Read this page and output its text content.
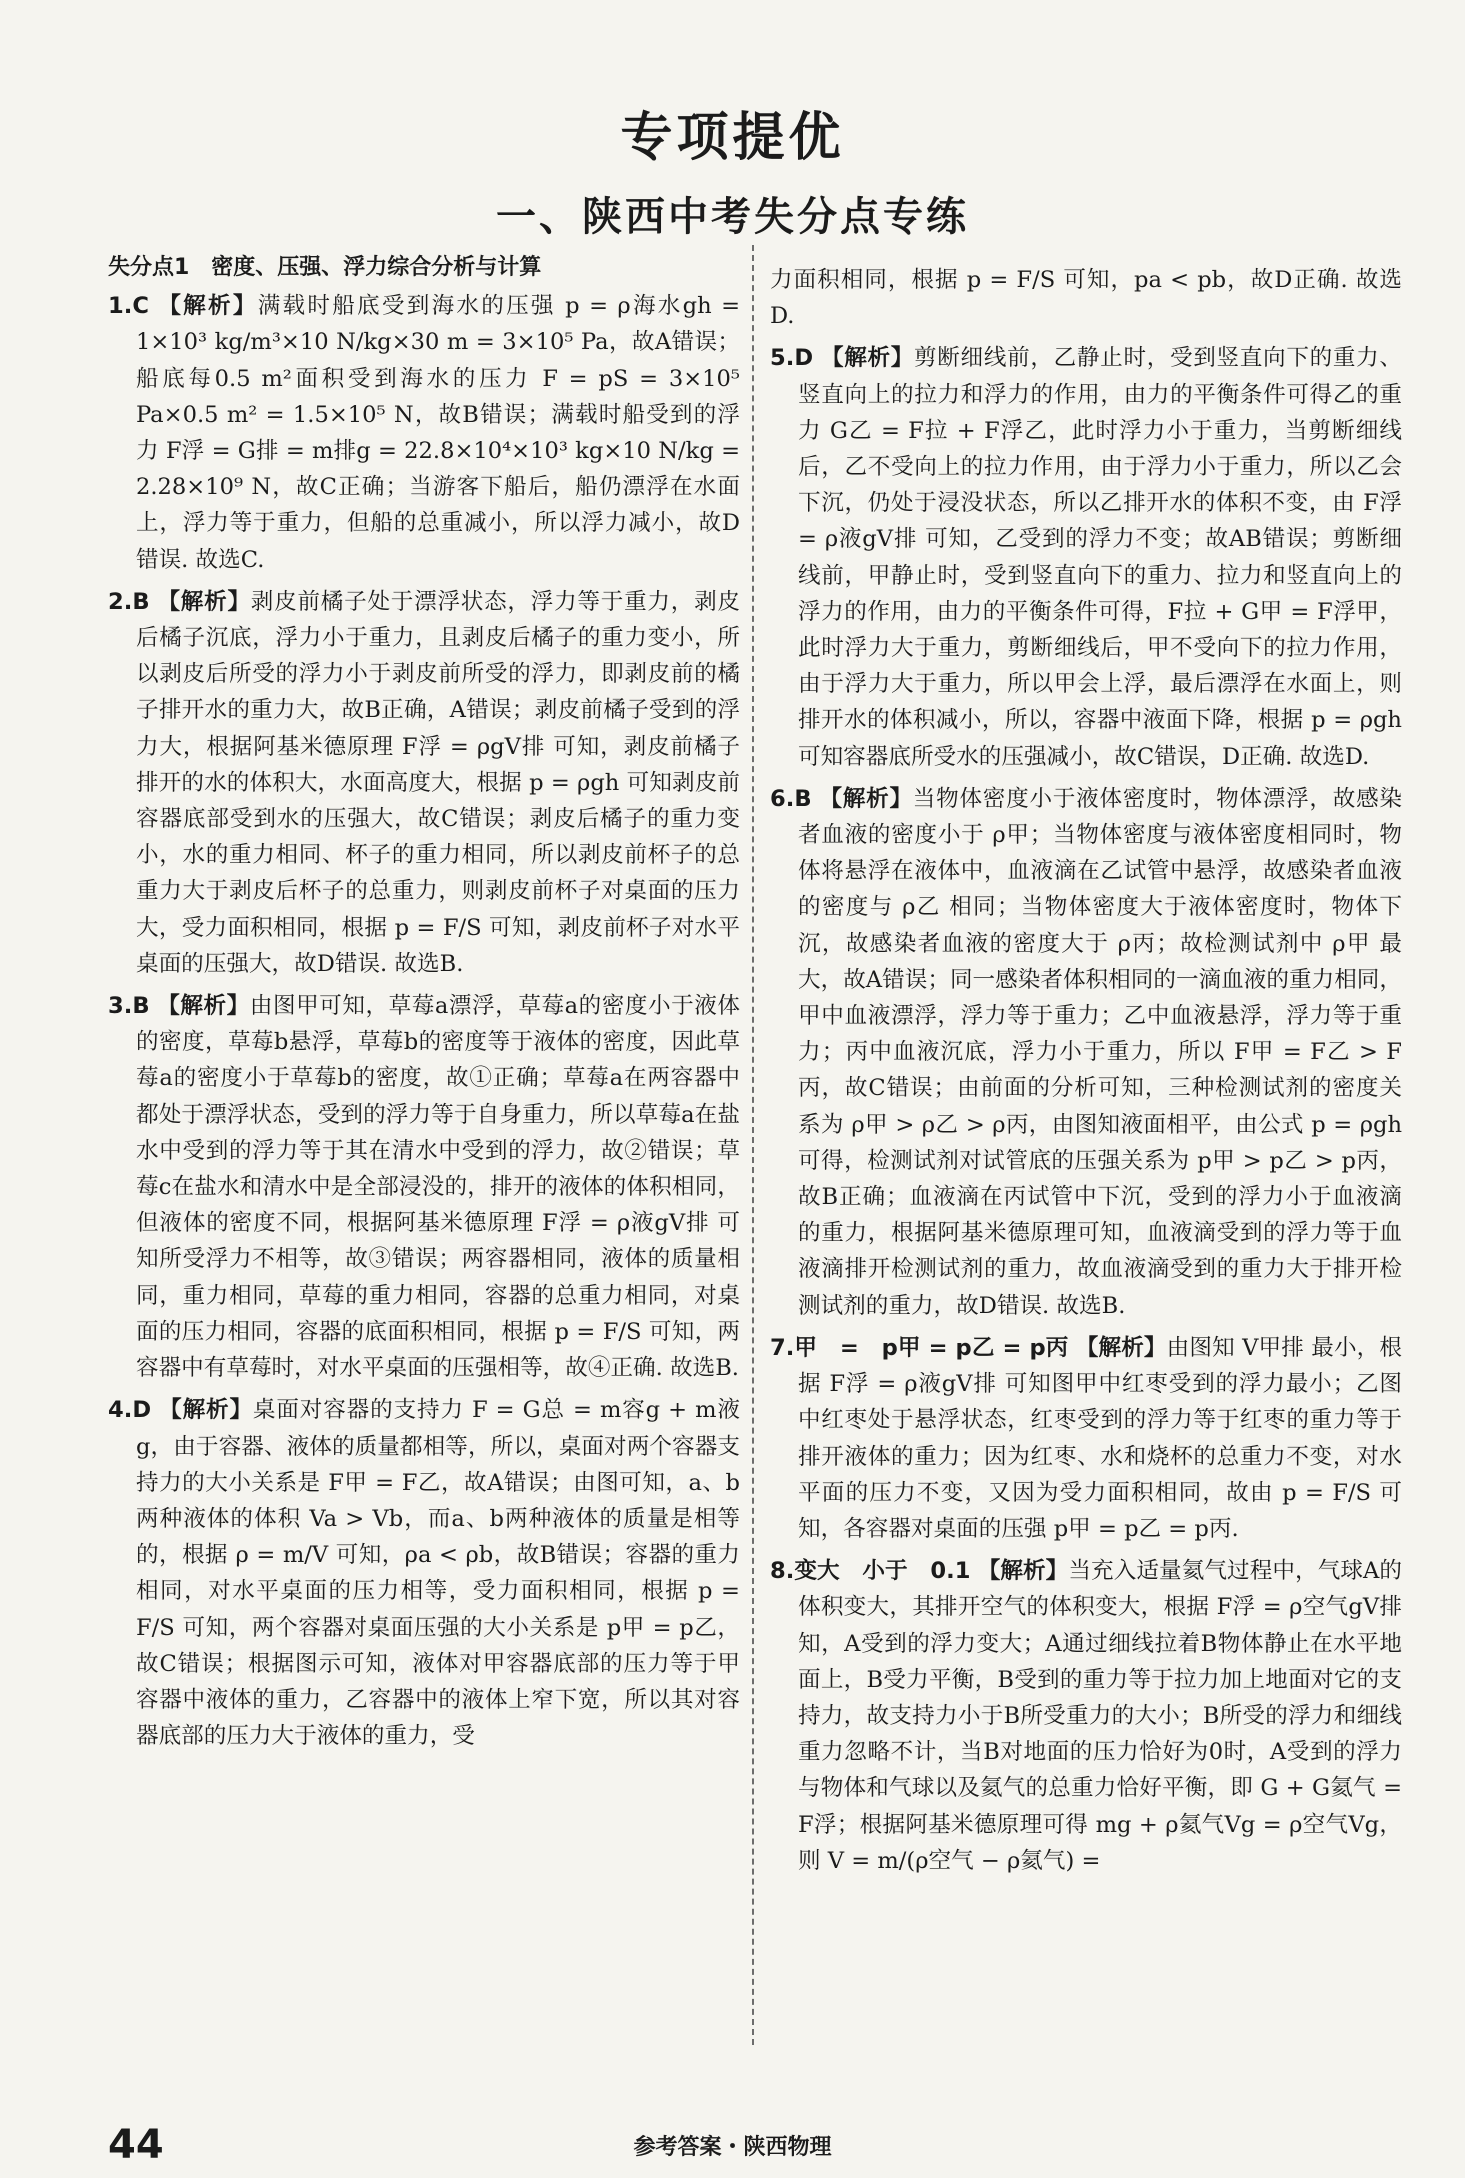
专项提优
一、陕西中考失分点专练
失分点1　密度、压强、浮力综合分析与计算

1.C 【解析】满载时船底受到海水的压强 p = ρ海水gh = 1×10³ kg/m³×10 N/kg×30 m = 3×10⁵ Pa，故A错误；船底每0.5 m²面积受到海水的压力 F = pS = 3×10⁵ Pa×0.5 m² = 1.5×10⁵ N，故B错误；满载时船受到的浮力 F浮 = G排 = m排g = 22.8×10⁴×10³ kg×10 N/kg = 2.28×10⁹ N，故C正确；当游客下船后，船仍漂浮在水面上，浮力等于重力，但船的总重减小，所以浮力减小，故D错误. 故选C.

2.B 【解析】剥皮前橘子处于漂浮状态，浮力等于重力，剥皮后橘子沉底，浮力小于重力，且剥皮后橘子的重力变小，所以剥皮后所受的浮力小于剥皮前所受的浮力，即剥皮前的橘子排开水的重力大，故B正确，A错误；剥皮前橘子受到的浮力大，根据阿基米德原理 F浮 = ρgV排 可知，剥皮前橘子排开的水的体积大，水面高度大，根据 p = ρgh 可知剥皮前容器底部受到水的压强大，故C错误；剥皮后橘子的重力变小，水的重力相同、杯子的重力相同，所以剥皮前杯子的总重力大于剥皮后杯子的总重力，则剥皮前杯子对桌面的压力大，受力面积相同，根据 p = F/S 可知，剥皮前杯子对水平桌面的压强大，故D错误. 故选B.

3.B 【解析】由图甲可知，草莓a漂浮，草莓a的密度小于液体的密度，草莓b悬浮，草莓b的密度等于液体的密度，因此草莓a的密度小于草莓b的密度，故①正确；草莓a在两容器中都处于漂浮状态，受到的浮力等于自身重力，所以草莓a在盐水中受到的浮力等于其在清水中受到的浮力，故②错误；草莓c在盐水和清水中是全部浸没的，排开的液体的体积相同，但液体的密度不同，根据阿基米德原理 F浮 = ρ液gV排 可知所受浮力不相等，故③错误；两容器相同，液体的质量相同，重力相同，草莓的重力相同，容器的总重力相同，对桌面的压力相同，容器的底面积相同，根据 p = F/S 可知，两容器中有草莓时，对水平桌面的压强相等，故④正确. 故选B.

4.D 【解析】桌面对容器的支持力 F = G总 = m容g + m液g，由于容器、液体的质量都相等，所以，桌面对两个容器支持力的大小关系是 F甲 = F乙，故A错误；由图可知，a、b两种液体的体积 Va > Vb，而a、b两种液体的质量是相等的，根据 ρ = m/V 可知，ρa < ρb，故B错误；容器的重力相同，对水平桌面的压力相等，受力面积相同，根据 p = F/S 可知，两个容器对桌面压强的大小关系是 p甲 = p乙，故C错误；根据图示可知，液体对甲容器底部的压力等于甲容器中液体的重力，乙容器中的液体上窄下宽，所以其对容器底部的压力大于液体的重力，受

力面积相同，根据 p = F/S 可知，pa < pb，故D正确. 故选D.

5.D 【解析】剪断细线前，乙静止时，受到竖直向下的重力、竖直向上的拉力和浮力的作用，由力的平衡条件可得乙的重力 G乙 = F拉 + F浮乙，此时浮力小于重力，当剪断细线后，乙不受向上的拉力作用，由于浮力小于重力，所以乙会下沉，仍处于浸没状态，所以乙排开水的体积不变，由 F浮 = ρ液gV排 可知，乙受到的浮力不变；故AB错误；剪断细线前，甲静止时，受到竖直向下的重力、拉力和竖直向上的浮力的作用，由力的平衡条件可得，F拉 + G甲 = F浮甲，此时浮力大于重力，剪断细线后，甲不受向下的拉力作用，由于浮力大于重力，所以甲会上浮，最后漂浮在水面上，则排开水的体积减小，所以，容器中液面下降，根据 p = ρgh 可知容器底所受水的压强减小，故C错误，D正确. 故选D.

6.B 【解析】当物体密度小于液体密度时，物体漂浮，故感染者血液的密度小于 ρ甲；当物体密度与液体密度相同时，物体将悬浮在液体中，血液滴在乙试管中悬浮，故感染者血液的密度与 ρ乙 相同；当物体密度大于液体密度时，物体下沉，故感染者血液的密度大于 ρ丙；故检测试剂中 ρ甲 最大，故A错误；同一感染者体积相同的一滴血液的重力相同，甲中血液漂浮，浮力等于重力；乙中血液悬浮，浮力等于重力；丙中血液沉底，浮力小于重力，所以 F甲 = F乙 > F丙，故C错误；由前面的分析可知，三种检测试剂的密度关系为 ρ甲 > ρ乙 > ρ丙，由图知液面相平，由公式 p = ρgh 可得，检测试剂对试管底的压强关系为 p甲 > p乙 > p丙，故B正确；血液滴在丙试管中下沉，受到的浮力小于血液滴的重力，根据阿基米德原理可知，血液滴受到的浮力等于血液滴排开检测试剂的重力，故血液滴受到的重力大于排开检测试剂的重力，故D错误. 故选B.

7.甲　=　p甲 = p乙 = p丙 【解析】由图知 V甲排 最小，根据 F浮 = ρ液gV排 可知图甲中红枣受到的浮力最小；乙图中红枣处于悬浮状态，红枣受到的浮力等于红枣的重力等于排开液体的重力；因为红枣、水和烧杯的总重力不变，对水平面的压力不变，又因为受力面积相同，故由 p = F/S 可知，各容器对桌面的压强 p甲 = p乙 = p丙.

8.变大　小于　0.1 【解析】当充入适量氦气过程中，气球A的体积变大，其排开空气的体积变大，根据 F浮 = ρ空气gV排 知，A受到的浮力变大；A通过细线拉着B物体静止在水平地面上，B受力平衡，B受到的重力等于拉力加上地面对它的支持力，故支持力小于B所受重力的大小；B所受的浮力和细线重力忽略不计，当B对地面的压力恰好为0时，A受到的浮力与物体和气球以及氦气的总重力恰好平衡，即 G + G氦气 = F浮；根据阿基米德原理可得 mg + ρ氦气Vg = ρ空气Vg，则 V = m/(ρ空气 − ρ氦气) =

44	参考答案・陕西物理
